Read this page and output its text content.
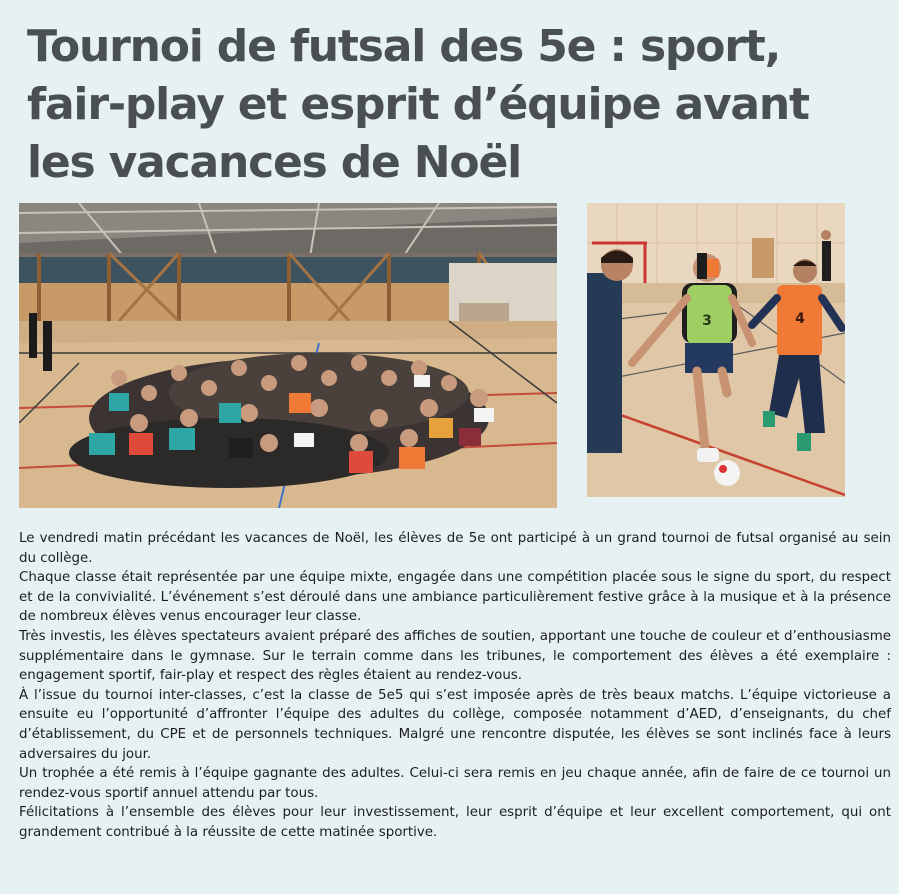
Tournoi de futsal des 5e : sport, fair-play et esprit d’équipe avant les vacances de Noël
3	4

Le vendredi matin précédant les vacances de Noël, les élèves de 5e ont participé à un grand tournoi de futsal organisé au sein du collège.

Chaque classe était représentée par une équipe mixte, engagée dans une compétition placée sous le signe du sport, du respect et de la convivialité. L’événement s’est déroulé dans une ambiance particulièrement festive grâce à la musique et à la présence de nombreux élèves venus encourager leur classe.

Très investis, les élèves spectateurs avaient préparé des affiches de soutien, apportant une touche de couleur et d’enthousiasme supplémentaire dans le gymnase. Sur le terrain comme dans les tribunes, le comportement des élèves a été exemplaire : engagement sportif, fair-play et respect des règles étaient au rendez-vous.

À l’issue du tournoi inter-classes, c’est la classe de 5e5 qui s’est imposée après de très beaux matchs. L’équipe victorieuse a ensuite eu l’opportunité d’affronter l’équipe des adultes du collège, composée notamment d’AED, d’enseignants, du chef d’établissement, du CPE et de personnels techniques. Malgré une rencontre disputée, les élèves se sont inclinés face à leurs adversaires du jour.

Un trophée a été remis à l’équipe gagnante des adultes. Celui-ci sera remis en jeu chaque année, afin de faire de ce tournoi un rendez-vous sportif annuel attendu par tous.

Félicitations à l’ensemble des élèves pour leur investissement, leur esprit d’équipe et leur excellent comportement, qui ont grandement contribué à la réussite de cette matinée sportive.
